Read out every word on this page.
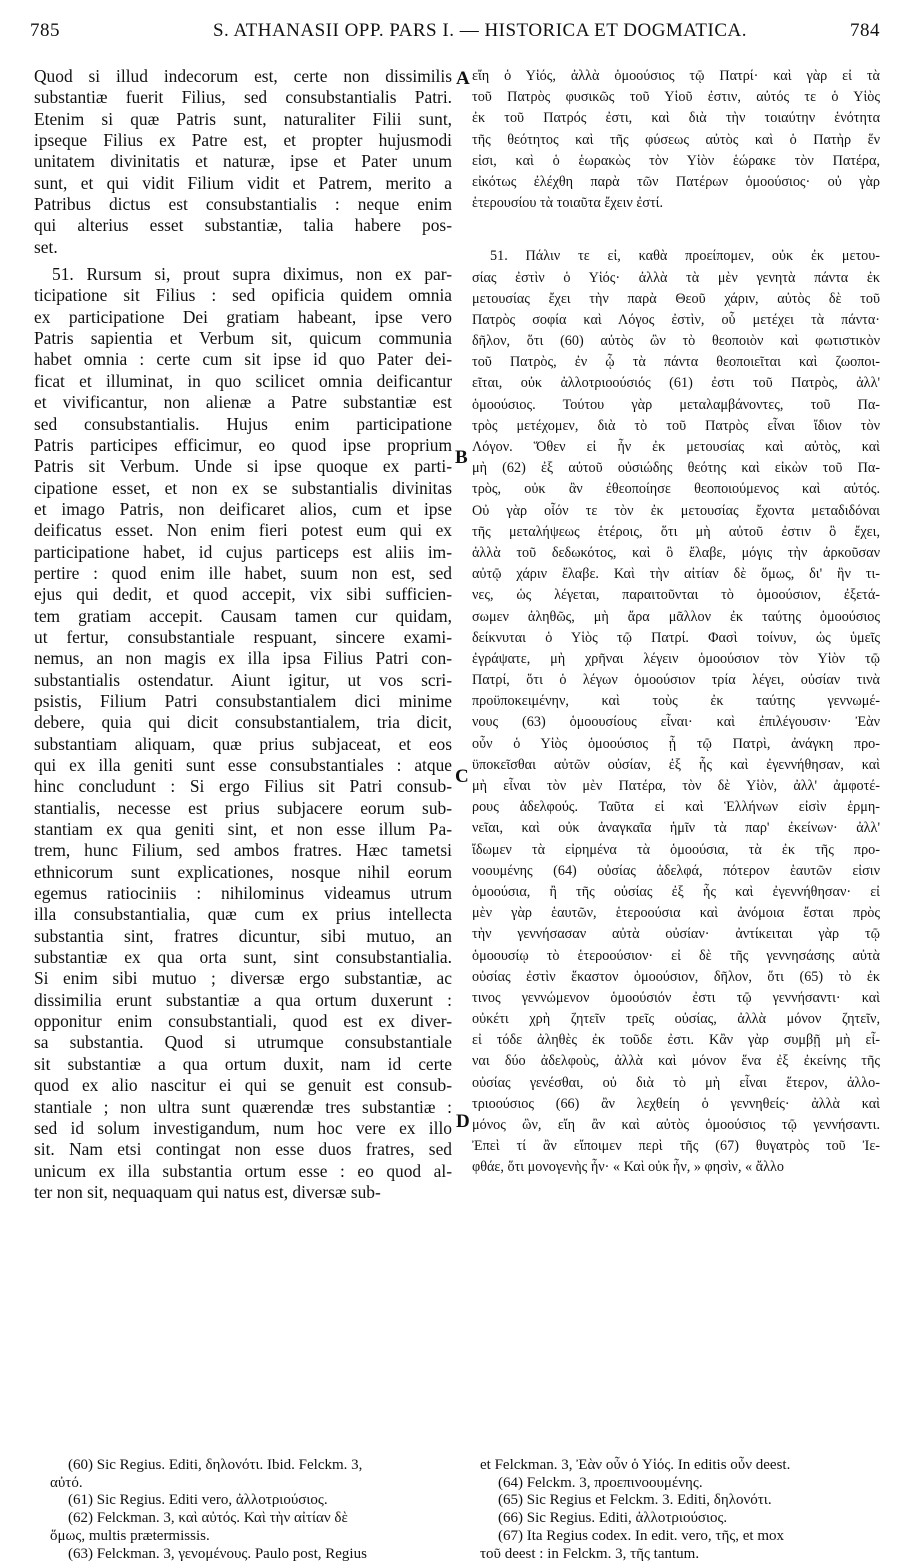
785	S. ATHANASII OPP. PARS I. — HISTORICA ET DOGMATICA.	784
Quod si illud indecorum est, certe non dissimilis
substantiæ fuerit Filius, sed consubstantialis Patri.
Etenim si quæ Patris sunt, naturaliter Filii sunt,
ipseque Filius ex Patre est, et propter hujusmodi
unitatem divinitatis et naturæ, ipse et Pater unum
sunt, et qui vidit Filium vidit et Patrem, merito a
Patribus dictus est consubstantialis : neque enim
qui alterius esset substantiæ, talia habere pos-
set.
51. Rursum si, prout supra diximus, non ex par-
ticipatione sit Filius : sed opificia quidem omnia
ex participatione Dei gratiam habeant, ipse vero
Patris sapientia et Verbum sit, quicum communia
habet omnia : certe cum sit ipse id quo Pater dei-
ficat et illuminat, in quo scilicet omnia deificantur
et vivificantur, non alienæ a Patre substantiæ est
sed consubstantialis. Hujus enim participatione
Patris participes efficimur, eo quod ipse proprium
Patris sit Verbum. Unde si ipse quoque ex parti-
cipatione esset, et non ex se substantialis divinitas
et imago Patris, non deificaret alios, cum et ipse
deificatus esset. Non enim fieri potest eum qui ex
participatione habet, id cujus particeps est aliis im-
pertire : quod enim ille habet, suum non est, sed
ejus qui dedit, et quod accepit, vix sibi sufficien-
tem gratiam accepit. Causam tamen cur quidam,
ut fertur, consubstantiale respuant, sincere exami-
nemus, an non magis ex illa ipsa Filius Patri con-
substantialis ostendatur. Aiunt igitur, ut vos scri-
psistis, Filium Patri consubstantialem dici minime
debere, quia qui dicit consubstantialem, tria dicit,
substantiam aliquam, quæ prius subjaceat, et eos
qui ex illa geniti sunt esse consubstantiales : atque
hinc concludunt : Si ergo Filius sit Patri consub-
stantialis, necesse est prius subjacere eorum sub-
stantiam ex qua geniti sint, et non esse illum Pa-
trem, hunc Filium, sed ambos fratres. Hæc tametsi
ethnicorum sunt explicationes, nosque nihil eorum
egemus ratiociniis : nihilominus videamus utrum
illa consubstantialia, quæ cum ex prius intellecta
substantia sint, fratres dicuntur, sibi mutuo, an
substantiæ ex qua orta sunt, sint consubstantialia.
Si enim sibi mutuo ; diversæ ergo substantiæ, ac
dissimilia erunt substantiæ a qua ortum duxerunt :
opponitur enim consubstantiali, quod est ex diver-
sa substantia. Quod si utrumque consubstantiale
sit substantiæ a qua ortum duxit, nam id certe
quod ex alio nascitur ei qui se genuit est consub-
stantiale ; non ultra sunt quærendæ tres substantiæ :
sed id solum investigandum, num hoc vere ex illo
sit. Nam etsi contingat non esse duos fratres, sed
unicum ex illa substantia ortum esse : eo quod al-
ter non sit, nequaquam qui natus est, diversæ sub-
εἴη ὁ Υἱός, ἀλλὰ ὁμοούσιος τῷ Πατρί· καὶ γὰρ εἰ τὰ
τοῦ Πατρὸς φυσικῶς τοῦ Υἱοῦ ἐστιν, αὐτός τε ὁ Υἱὸς
ἐκ τοῦ Πατρός ἐστι, καὶ διὰ τὴν τοιαύτην ἑνότητα
τῆς θεότητος καὶ τῆς φύσεως αὐτὸς καὶ ὁ Πατὴρ ἕν
εἰσι, καὶ ὁ ἑωρακὼς τὸν Υἱὸν ἑώρακε τὸν Πατέρα,
εἰκότως ἐλέχθη παρὰ τῶν Πατέρων ὁμοούσιος· οὐ γὰρ
ἑτερουσίου τὰ τοιαῦτα ἔχειν ἐστί.
51. Πάλιν τε εἰ, καθὰ προείπομεν, οὐκ ἐκ μετου-
σίας ἐστὶν ὁ Υἱός· ἀλλὰ τὰ μὲν γενητὰ πάντα ἐκ
μετουσίας ἔχει τὴν παρὰ Θεοῦ χάριν, αὐτὸς δὲ τοῦ
Πατρὸς σοφία καὶ Λόγος ἐστὶν, οὗ μετέχει τὰ πάντα·
δῆλον, ὅτι (60) αὐτὸς ὢν τὸ θεοποιὸν καὶ φωτιστικὸν
τοῦ Πατρὸς, ἐν ᾧ τὰ πάντα θεοποιεῖται καὶ ζωοποι-
εῖται, οὐκ ἀλλοτριοούσιός (61) ἐστι τοῦ Πατρὸς, ἀλλ'
ὁμοούσιος. Τούτου γὰρ μεταλαμβάνοντες, τοῦ Πα-
τρὸς μετέχομεν, διὰ τὸ τοῦ Πατρὸς εἶναι ἴδιον τὸν
Λόγον. Ὅθεν εἰ ἦν ἐκ μετουσίας καὶ αὐτὸς, καὶ
μὴ (62) ἐξ αὐτοῦ οὐσιώδης θεότης καὶ εἰκὼν τοῦ Πα-
τρὸς, οὐκ ἂν ἐθεοποίησε θεοποιούμενος καὶ αὐτός.
Οὐ γὰρ οἷόν τε τὸν ἐκ μετουσίας ἔχοντα μεταδιδόναι
τῆς μεταλήψεως ἑτέροις, ὅτι μὴ αὐτοῦ ἐστιν ὃ ἔχει,
ἀλλὰ τοῦ δεδωκότος, καὶ ὃ ἔλαβε, μόγις τὴν ἀρκοῦσαν
αὐτῷ χάριν ἔλαβε. Καὶ τὴν αἰτίαν δὲ ὅμως, δι' ἣν τι-
νες, ὡς λέγεται, παραιτοῦνται τὸ ὁμοούσιον, ἐξετά-
σωμεν ἀληθῶς, μὴ ἄρα μᾶλλον ἐκ ταύτης ὁμοούσιος
δείκνυται ὁ Υἱὸς τῷ Πατρί. Φασὶ τοίνυν, ὡς ὑμεῖς
ἐγράψατε, μὴ χρῆναι λέγειν ὁμοούσιον τὸν Υἱὸν τῷ
Πατρί, ὅτι ὁ λέγων ὁμοούσιον τρία λέγει, οὐσίαν τινὰ
προϋποκειμένην, καὶ τοὺς ἐκ ταύτης γεννωμέ-
νους (63) ὁμοουσίους εἶναι· καὶ ἐπιλέγουσιν· Ἐὰν
οὖν ὁ Υἱὸς ὁμοούσιος ᾖ τῷ Πατρὶ, ἀνάγκη προ-
ϋποκεῖσθαι αὐτῶν οὐσίαν, ἐξ ἧς καὶ ἐγεννήθησαν, καὶ
μὴ εἶναι τὸν μὲν Πατέρα, τὸν δὲ Υἱὸν, ἀλλ' ἀμφοτέ-
ρους ἀδελφούς. Ταῦτα εἰ καὶ Ἑλλήνων εἰσὶν ἑρμη-
νεῖαι, καὶ οὐκ ἀναγκαῖα ἡμῖν τὰ παρ' ἐκείνων· ἀλλ'
ἴδωμεν τὰ εἰρημένα τὰ ὁμοούσια, τὰ ἐκ τῆς προ-
νοουμένης (64) οὐσίας ἀδελφά, πότερον ἑαυτῶν εἰσιν
ὁμοούσια, ἢ τῆς οὐσίας ἐξ ἧς καὶ ἐγεννήθησαν· εἰ
μὲν γὰρ ἑαυτῶν, ἑτεροούσια καὶ ἀνόμοια ἔσται πρὸς
τὴν γεννήσασαν αὐτὰ οὐσίαν· ἀντίκειται γὰρ τῷ
ὁμοουσίῳ τὸ ἑτεροούσιον· εἰ δὲ τῆς γεννησάσης αὐτὰ
οὐσίας ἐστὶν ἕκαστον ὁμοούσιον, δῆλον, ὅτι (65) τὸ ἐκ
τινος γεννώμενον ὁμοούσιόν ἐστι τῷ γεννήσαντι· καὶ
οὐκέτι χρὴ ζητεῖν τρεῖς οὐσίας, ἀλλὰ μόνον ζητεῖν,
εἰ τόδε ἀληθὲς ἐκ τοῦδε ἐστι. Κἂν γὰρ συμβῇ μὴ εἶ-
ναι δύο ἀδελφοὺς, ἀλλὰ καὶ μόνον ἕνα ἐξ ἐκείνης τῆς
οὐσίας γενέσθαι, οὐ διὰ τὸ μὴ εἶναι ἕτερον, ἀλλο-
τριοούσιος (66) ἂν λεχθείη ὁ γεννηθείς· ἀλλὰ καὶ
μόνος ὢν, εἴη ἂν καὶ αὐτὸς ὁμοούσιος τῷ γεννήσαντι.
Ἐπεὶ τί ἂν εἴποιμεν περὶ τῆς (67) θυγατρὸς τοῦ Ἰε-
φθάε, ὅτι μονογενὴς ἦν· « Καὶ οὐκ ἦν, » φησὶν, « ἄλλο
A
B
C
D
(60) Sic Regius. Editi, δηλονότι. Ibid. Felckm. 3,
αὐτό.
(61) Sic Regius. Editi vero, ἀλλοτριούσιος.
(62) Felckman. 3, καὶ αὐτός. Καὶ τὴν αἰτίαν δὲ
ὅμως, multis prætermissis.
(63) Felckman. 3, γενομένους. Paulo post, Regius
et Felckman. 3, Ἐὰν οὖν ὁ Υἱός. In editis οὖν deest.
(64) Felckm. 3, προεπινοουμένης.
(65) Sic Regius et Felckm. 3. Editi, δηλονότι.
(66) Sic Regius. Editi, ἀλλοτριούσιος.
(67) Ita Regius codex. In edit. vero, τῆς, et mox
τοῦ deest : in Felckm. 3, τῆς tantum.
